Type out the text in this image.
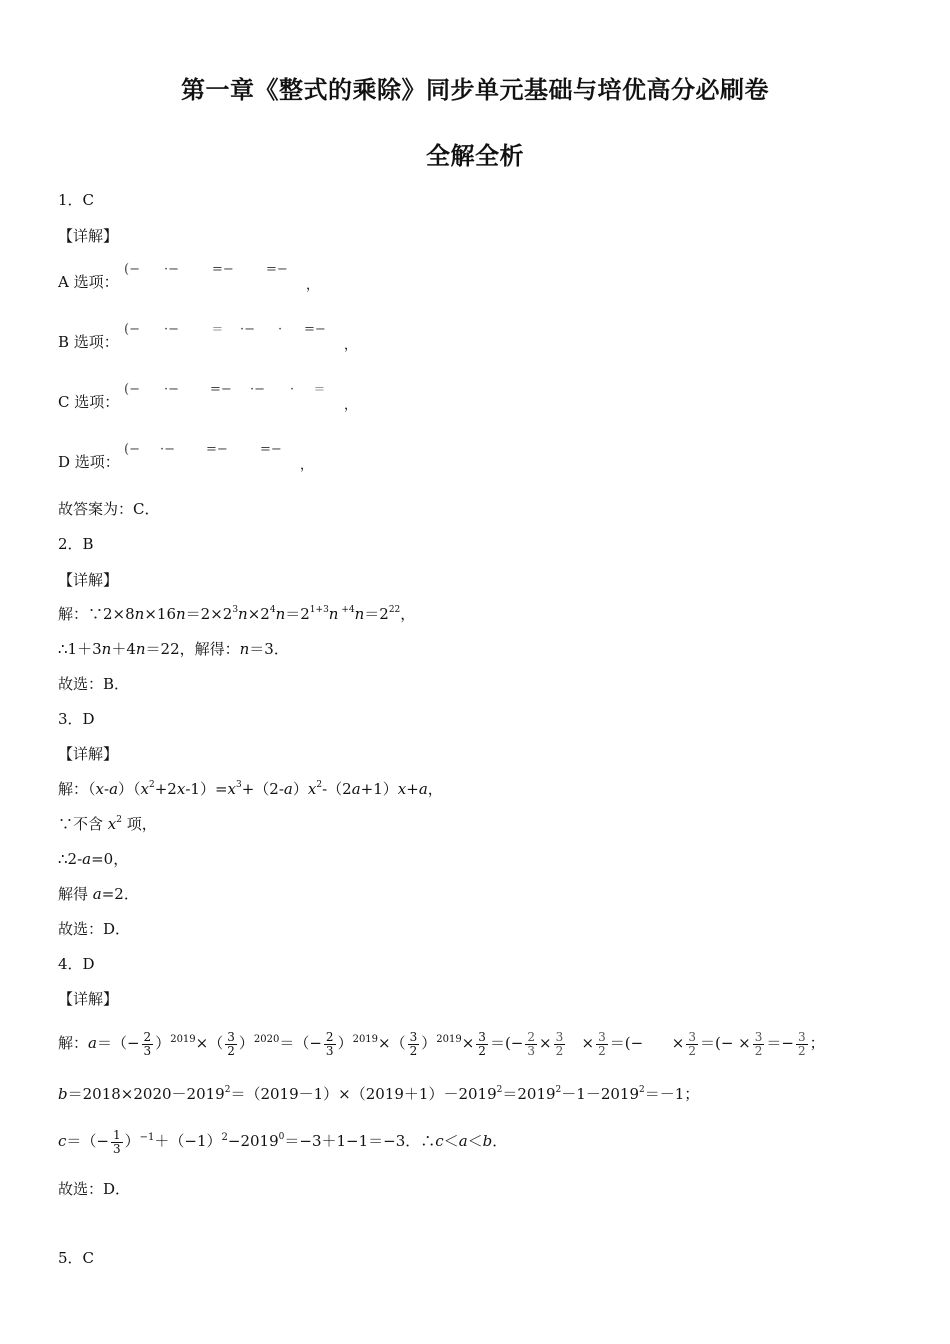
第一章《整式的乘除》同步单元基础与培优高分必刷卷
全解全析
1．C
【详解】
A 选项：
(− ·−	=− =−
，
B 选项：
(− ·−	= ·− · =−
，
C 选项：
(− ·− =− ·− · =
，
D 选项：
(− ·− =− =−
，
故答案为：C．
2．B
【详解】
解：$\because 2\times 8n\times 16n=2\times 2^3n\times 2^4n=2^{1+3}n$ $^{+4}n=2^{22}$，
∴1＋3n＋4n＝22，解得：n＝3．
故选：B．
3．D
【详解】
解：$(x-a)(x^2+2x-1)=x^3+(2-a)x^2-(2a+1)x+a$，
∵不含 $x^2$ 项，
∴2-a=0，
解得 a=2．
故选：D．
4．D
【详解】
解：$a=(- \frac{2}{3} )^{2019}\times( \frac{3}{2} )^{2020}=(- \frac{2}{3} )^{2019}\times( \frac{3}{2} )^{2019}\times \frac{3}{2}$ ＝(− $\frac{2}{3} \times \frac{3}{2} \times \frac{3}{2}$ ＝(−      × $\frac{3}{2}$ ＝(− × $\frac{3}{2} =- \frac{3}{2}$ ；
$b=2018\times 2020-2019^2=(2019-1)\times(2019+1)-2019^2=2019^2-1-2019^2=-1$；
$c=(- \frac{1}{3} )^{-1}+(-1)^2-2019^0=-3+1-1=-3$．∴c＜a＜b．
故选：D．
5．C
